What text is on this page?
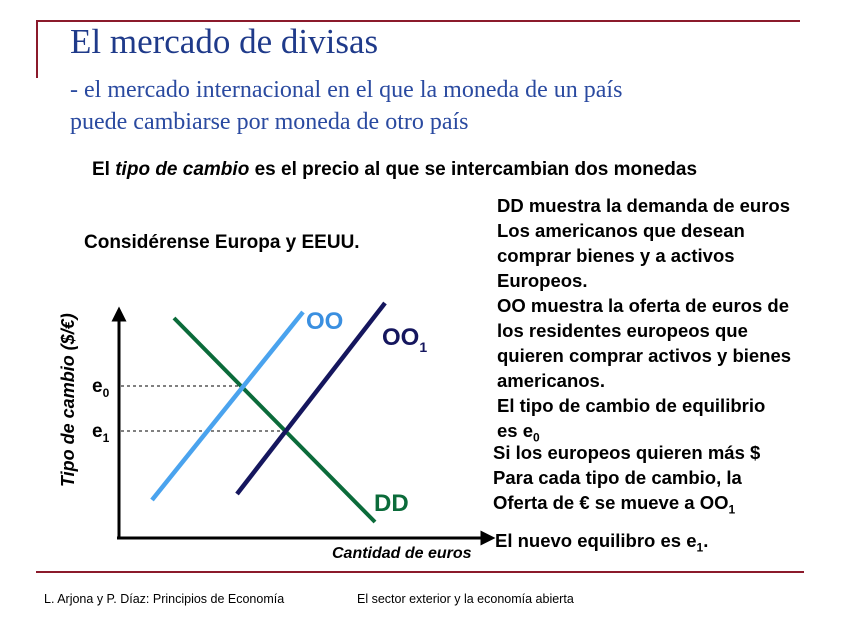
El mercado de divisas
- el mercado internacional en el que la moneda de un país
puede cambiarse por moneda de otro país
El tipo de cambio es el precio al que se intercambian dos monedas
Considérense Europa y EEUU.
OO
$OO_1$
DD
$e_0$
$e_1$
Tipo de cambio ($/€)
Cantidad de euros
DD muestra la demanda de euros
Los americanos que desean
comprar bienes y a activos
Europeos.
OO muestra la oferta de euros de
los residentes europeos que
quieren comprar activos y bienes
americanos.
El tipo de cambio de equilibrio
es $e_0$
Si los europeos quieren más $
Para cada tipo de cambio, la
Oferta de € se mueve a $OO_1$
El nuevo equilibro es $e_1$.
L. Arjona y P. Díaz: Principios de Economía	El sector exterior y la economía abierta
